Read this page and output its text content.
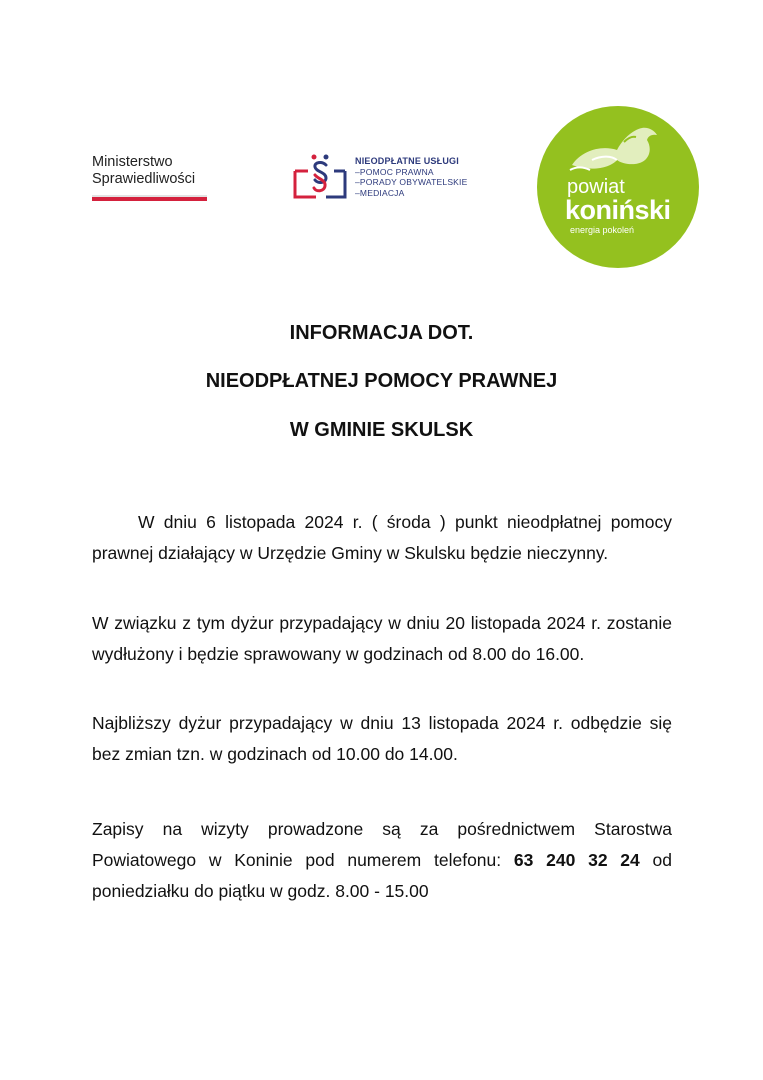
Ministerstwo
Sprawiedliwości
NIEODPŁATNE USŁUGI
–POMOC PRAWNA
–PORADY OBYWATELSKIE
–MEDIACJA	powiat
koniński
energia pokoleń
INFORMACJA DOT.
NIEODPŁATNEJ POMOCY PRAWNEJ
W GMINIE SKULSK
W dniu 6 listopada 2024 r. ( środa ) punkt nieodpłatnej pomocy prawnej działający w Urzędzie Gminy w Skulsku będzie nieczynny.
W związku z tym dyżur przypadający w dniu 20 listopada 2024 r. zostanie wydłużony i będzie sprawowany w godzinach od 8.00 do 16.00.
Najbliższy dyżur przypadający w dniu 13 listopada 2024 r. odbędzie się bez zmian tzn. w godzinach od 10.00 do 14.00.
Zapisy na wizyty prowadzone są za pośrednictwem Starostwa Powiatowego w Koninie pod numerem telefonu: 63 240 32 24 od poniedziałku do piątku w godz. 8.00 - 15.00
